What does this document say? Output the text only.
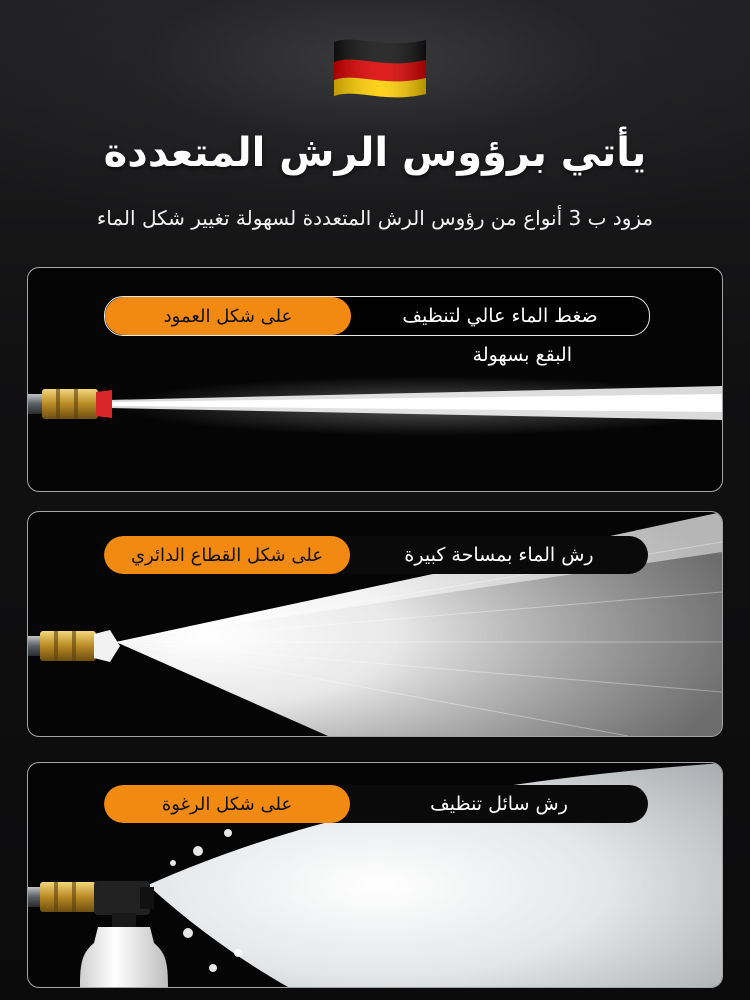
يأتي برؤوس الرش المتعددة
مزود ب 3 أنواع من رؤوس الرش المتعددة لسهولة تغيير شكل الماء
على شكل العمود	ضغط الماء عالي لتنظيف
البقع بسهولة
على شكل القطاع الدائري	رش الماء بمساحة كبيرة
على شكل الرغوة	رش سائل تنظيف
